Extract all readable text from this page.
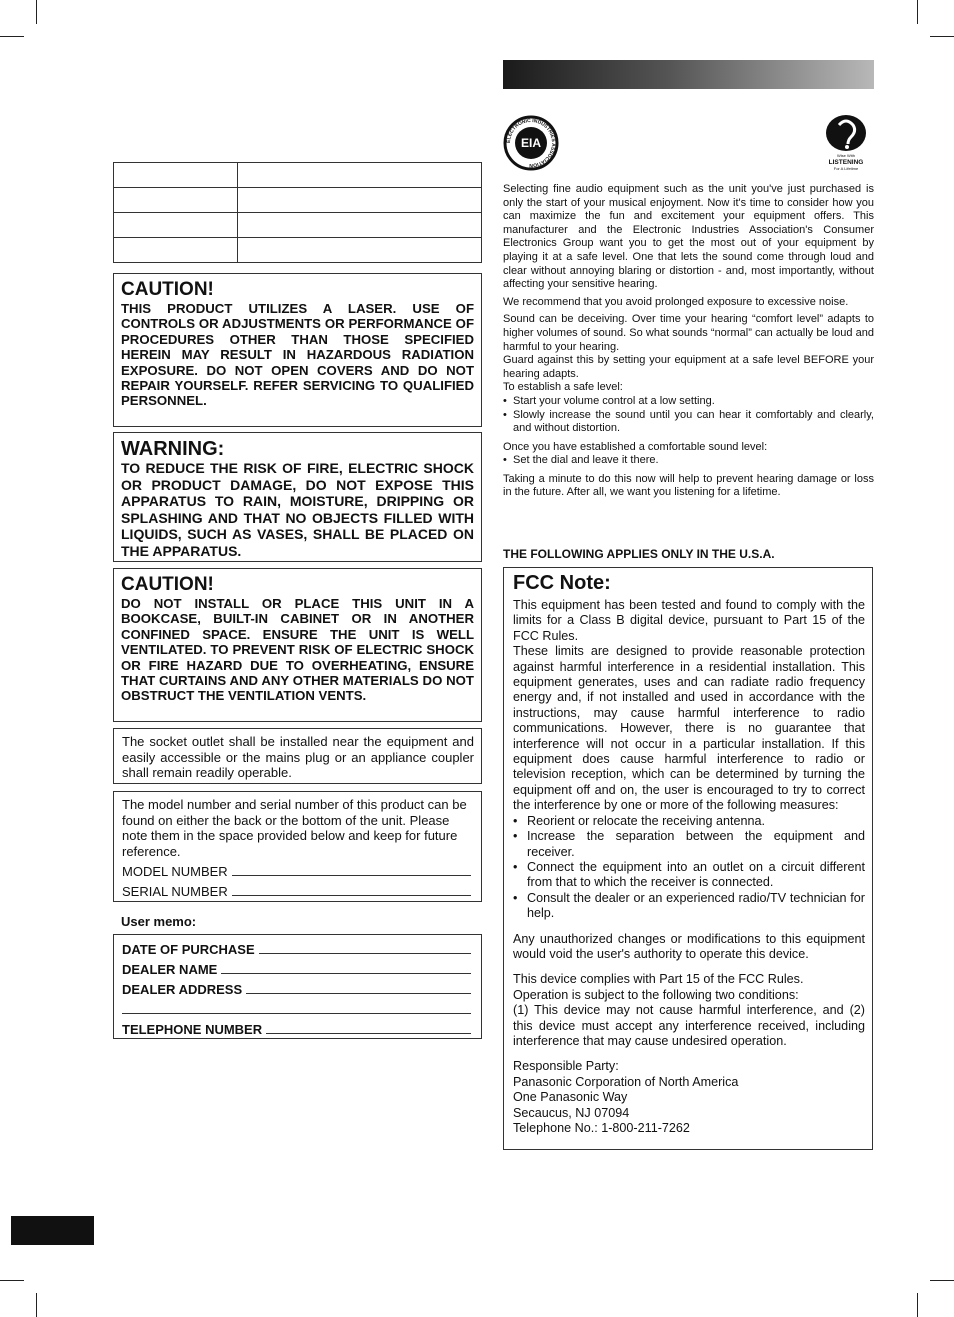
CAUTION!

THIS PRODUCT UTILIZES A LASER. USE OF CONTROLS OR ADJUSTMENTS OR PERFORMANCE OF PROCEDURES OTHER THAN THOSE SPECIFIED HEREIN MAY RESULT IN HAZARDOUS RADIATION EXPOSURE. DO NOT OPEN COVERS AND DO NOT REPAIR YOURSELF. REFER SERVICING TO QUALIFIED PERSONNEL.

WARNING:

TO REDUCE THE RISK OF FIRE, ELECTRIC SHOCK OR PRODUCT DAMAGE, DO NOT EXPOSE THIS APPARATUS TO RAIN, MOISTURE, DRIPPING OR SPLASHING AND THAT NO OBJECTS FILLED WITH LIQUIDS, SUCH AS VASES, SHALL BE PLACED ON THE APPARATUS.

CAUTION!

DO NOT INSTALL OR PLACE THIS UNIT IN A BOOKCASE, BUILT-IN CABINET OR IN ANOTHER CONFINED SPACE. ENSURE THE UNIT IS WELL VENTILATED. TO PREVENT RISK OF ELECTRIC SHOCK OR FIRE HAZARD DUE TO OVERHEATING, ENSURE THAT CURTAINS AND ANY OTHER MATERIALS DO NOT OBSTRUCT THE VENTILATION VENTS.

The socket outlet shall be installed near the equipment and easily accessible or the mains plug or an appliance coupler shall remain readily operable.

The model number and serial number of this product can be found on either the back or the bottom of the unit. Please note them in the space provided below and keep for future reference.

MODEL NUMBER
SERIAL NUMBER
User memo:
DATE OF PURCHASE
DEALER NAME
DEALER ADDRESS
TELEPHONE NUMBER
ELECTRONIC INDUSTRIES ASSOCIATION
EIA
Wise With
LISTENING
For A Lifetime

Selecting fine audio equipment such as the unit you've just purchased is only the start of your musical enjoyment. Now it's time to consider how you can maximize the fun and excitement your equipment offers. This manufacturer and the Electronic Industries Association's Consumer Electronics Group want you to get the most out of your equipment by playing it at a safe level. One that lets the sound come through loud and clear without annoying blaring or distortion - and, most importantly, without affecting your sensitive hearing.

We recommend that you avoid prolonged exposure to excessive noise.

Sound can be deceiving. Over time your hearing “comfort level” adapts to higher volumes of sound. So what sounds “normal” can actually be loud and harmful to your hearing.

Guard against this by setting your equipment at a safe level BEFORE your hearing adapts.

To establish a safe level:

• Start your volume control at a low setting.
• Slowly increase the sound until you can hear it comfortably and clearly, and without distortion.

Once you have established a comfortable sound level:

• Set the dial and leave it there.

Taking a minute to do this now will help to prevent hearing damage or loss in the future. After all, we want you listening for a lifetime.

THE FOLLOWING APPLIES ONLY IN THE U.S.A.

FCC Note:

This equipment has been tested and found to comply with the limits for a Class B digital device, pursuant to Part 15 of the FCC Rules.

These limits are designed to provide reasonable protection against harmful interference in a residential installation. This equipment generates, uses and can radiate radio frequency energy and, if not installed and used in accordance with the instructions, may cause harmful interference to radio communications. However, there is no guarantee that interference will not occur in a particular installation. If this equipment does cause harmful interference to radio or television reception, which can be determined by turning the equipment off and on, the user is encouraged to try to correct the interference by one or more of the following measures:

• Reorient or relocate the receiving antenna.
• Increase the separation between the equipment and receiver.
• Connect the equipment into an outlet on a circuit different from that to which the receiver is connected.
• Consult the dealer or an experienced radio/TV technician for help.

Any unauthorized changes or modifications to this equipment would void the user's authority to operate this device.

This device complies with Part 15 of the FCC Rules.

Operation is subject to the following two conditions:

(1) This device may not cause harmful interference, and (2) this device must accept any interference received, including interference that may cause undesired operation.

Responsible Party:
Panasonic Corporation of North America
One Panasonic Way
Secaucus, NJ 07094
Telephone No.: 1-800-211-7262
